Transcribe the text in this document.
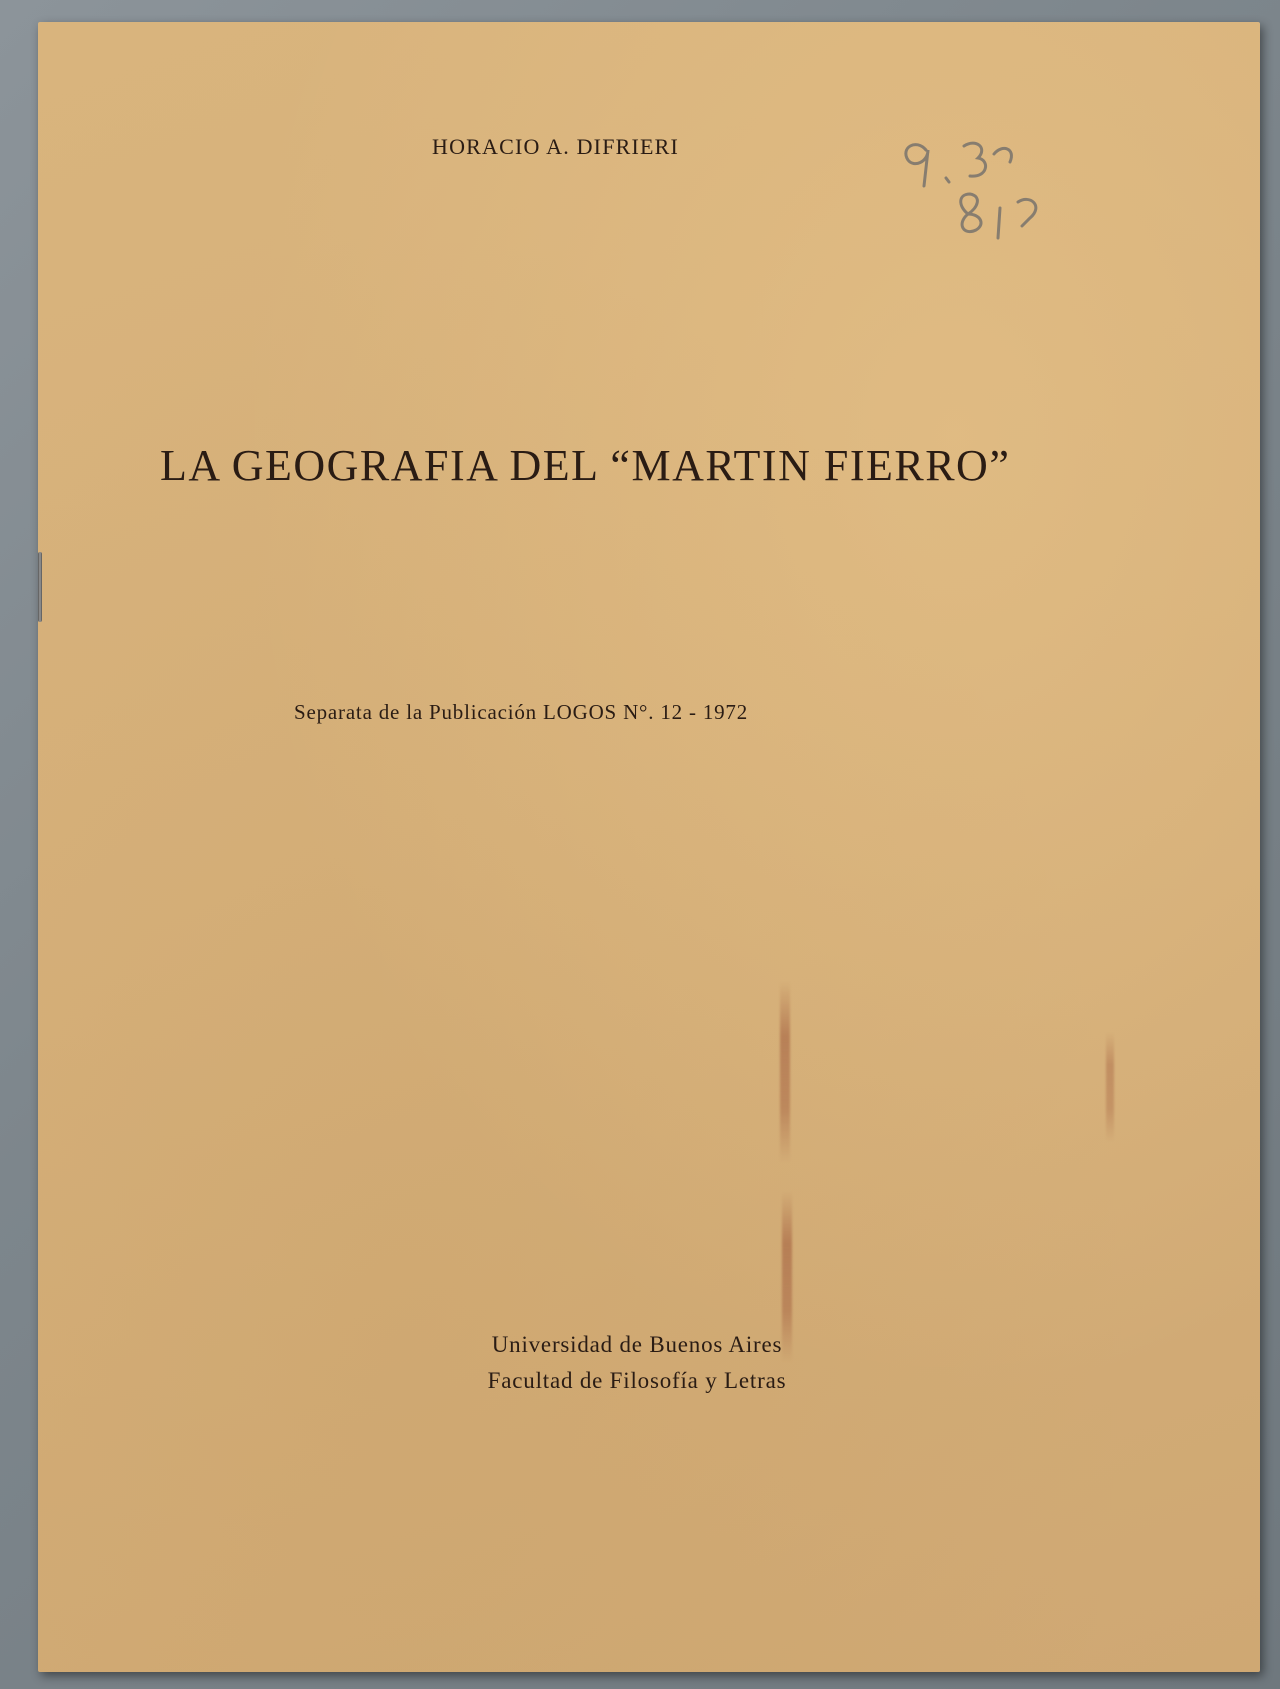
HORACIO A. DIFRIERI
LA GEOGRAFIA DEL “MARTIN FIERRO”
Separata de la Publicación LOGOS N°. 12 - 1972
Universidad de Buenos Aires
Facultad de Filosofía y Letras
